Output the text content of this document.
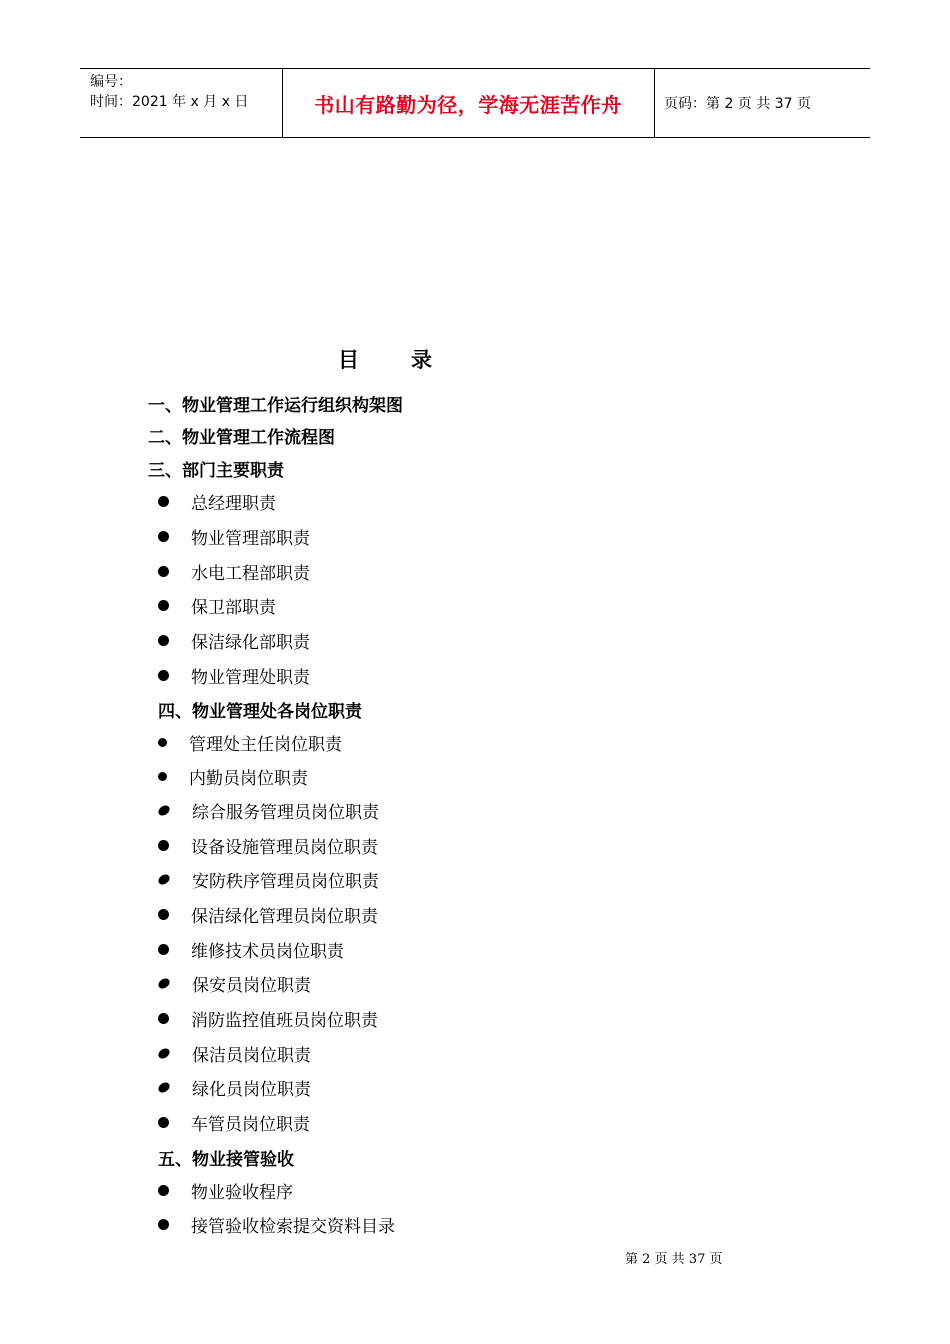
编号：
时间：2021 年 x 月 x 日	书山有路勤为径，学海无涯苦作舟	页码：第 2 页 共 37 页
目 录
一、物业管理工作运行组织构架图
二、物业管理工作流程图
三、部门主要职责
总经理职责
物业管理部职责
水电工程部职责
保卫部职责
保洁绿化部职责
物业管理处职责
四、物业管理处各岗位职责
管理处主任岗位职责
内勤员岗位职责
综合服务管理员岗位职责
设备设施管理员岗位职责
安防秩序管理员岗位职责
保洁绿化管理员岗位职责
维修技术员岗位职责
保安员岗位职责
消防监控值班员岗位职责
保洁员岗位职责
绿化员岗位职责
车管员岗位职责
五、物业接管验收
物业验收程序
接管验收检索提交资料目录
第 2 页 共 37 页
